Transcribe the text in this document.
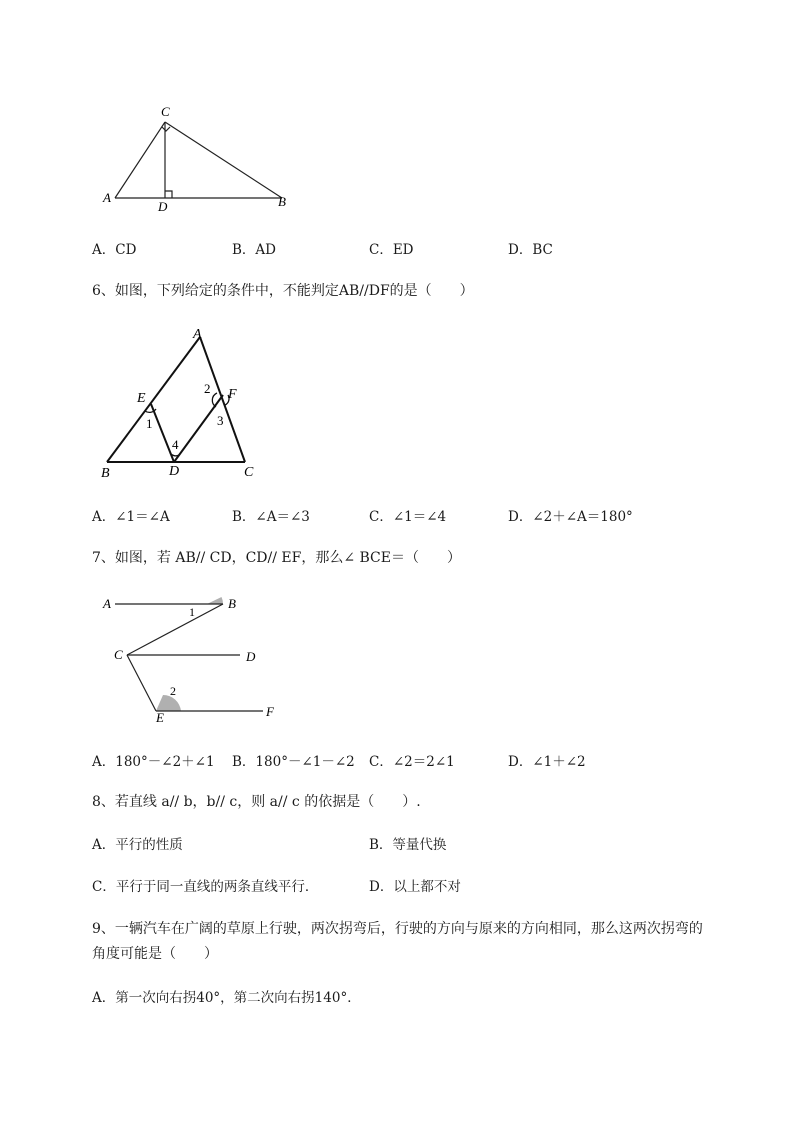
C
A
D	B
A．CD	B．AD	C．ED	D．BC
6、如图，下列给定的条件中，不能判定AB//DF的是（　　）
A
E	F
B	D	C
1
2
3
4
A．∠1＝∠A	B．∠A＝∠3	C．∠1＝∠4	D．∠2＋∠A＝180°
7、如图，若 AB// CD，CD// EF，那么∠ BCE＝（　　）
A	B
1
C	D
2
E	F
A．180°－∠2＋∠1 B．180°－∠1－∠2 C．∠2＝2∠1	D．∠1＋∠2
8、若直线 a// b，b// c，则 a// c 的依据是（　　）.
A．平行的性质	B．等量代换
C．平行于同一直线的两条直线平行．	D．以上都不对
9、一辆汽车在广阔的草原上行驶，两次拐弯后，行驶的方向与原来的方向相同，那么这两次拐弯的
角度可能是（　　）
A．第一次向右拐40°，第二次向右拐140°．
